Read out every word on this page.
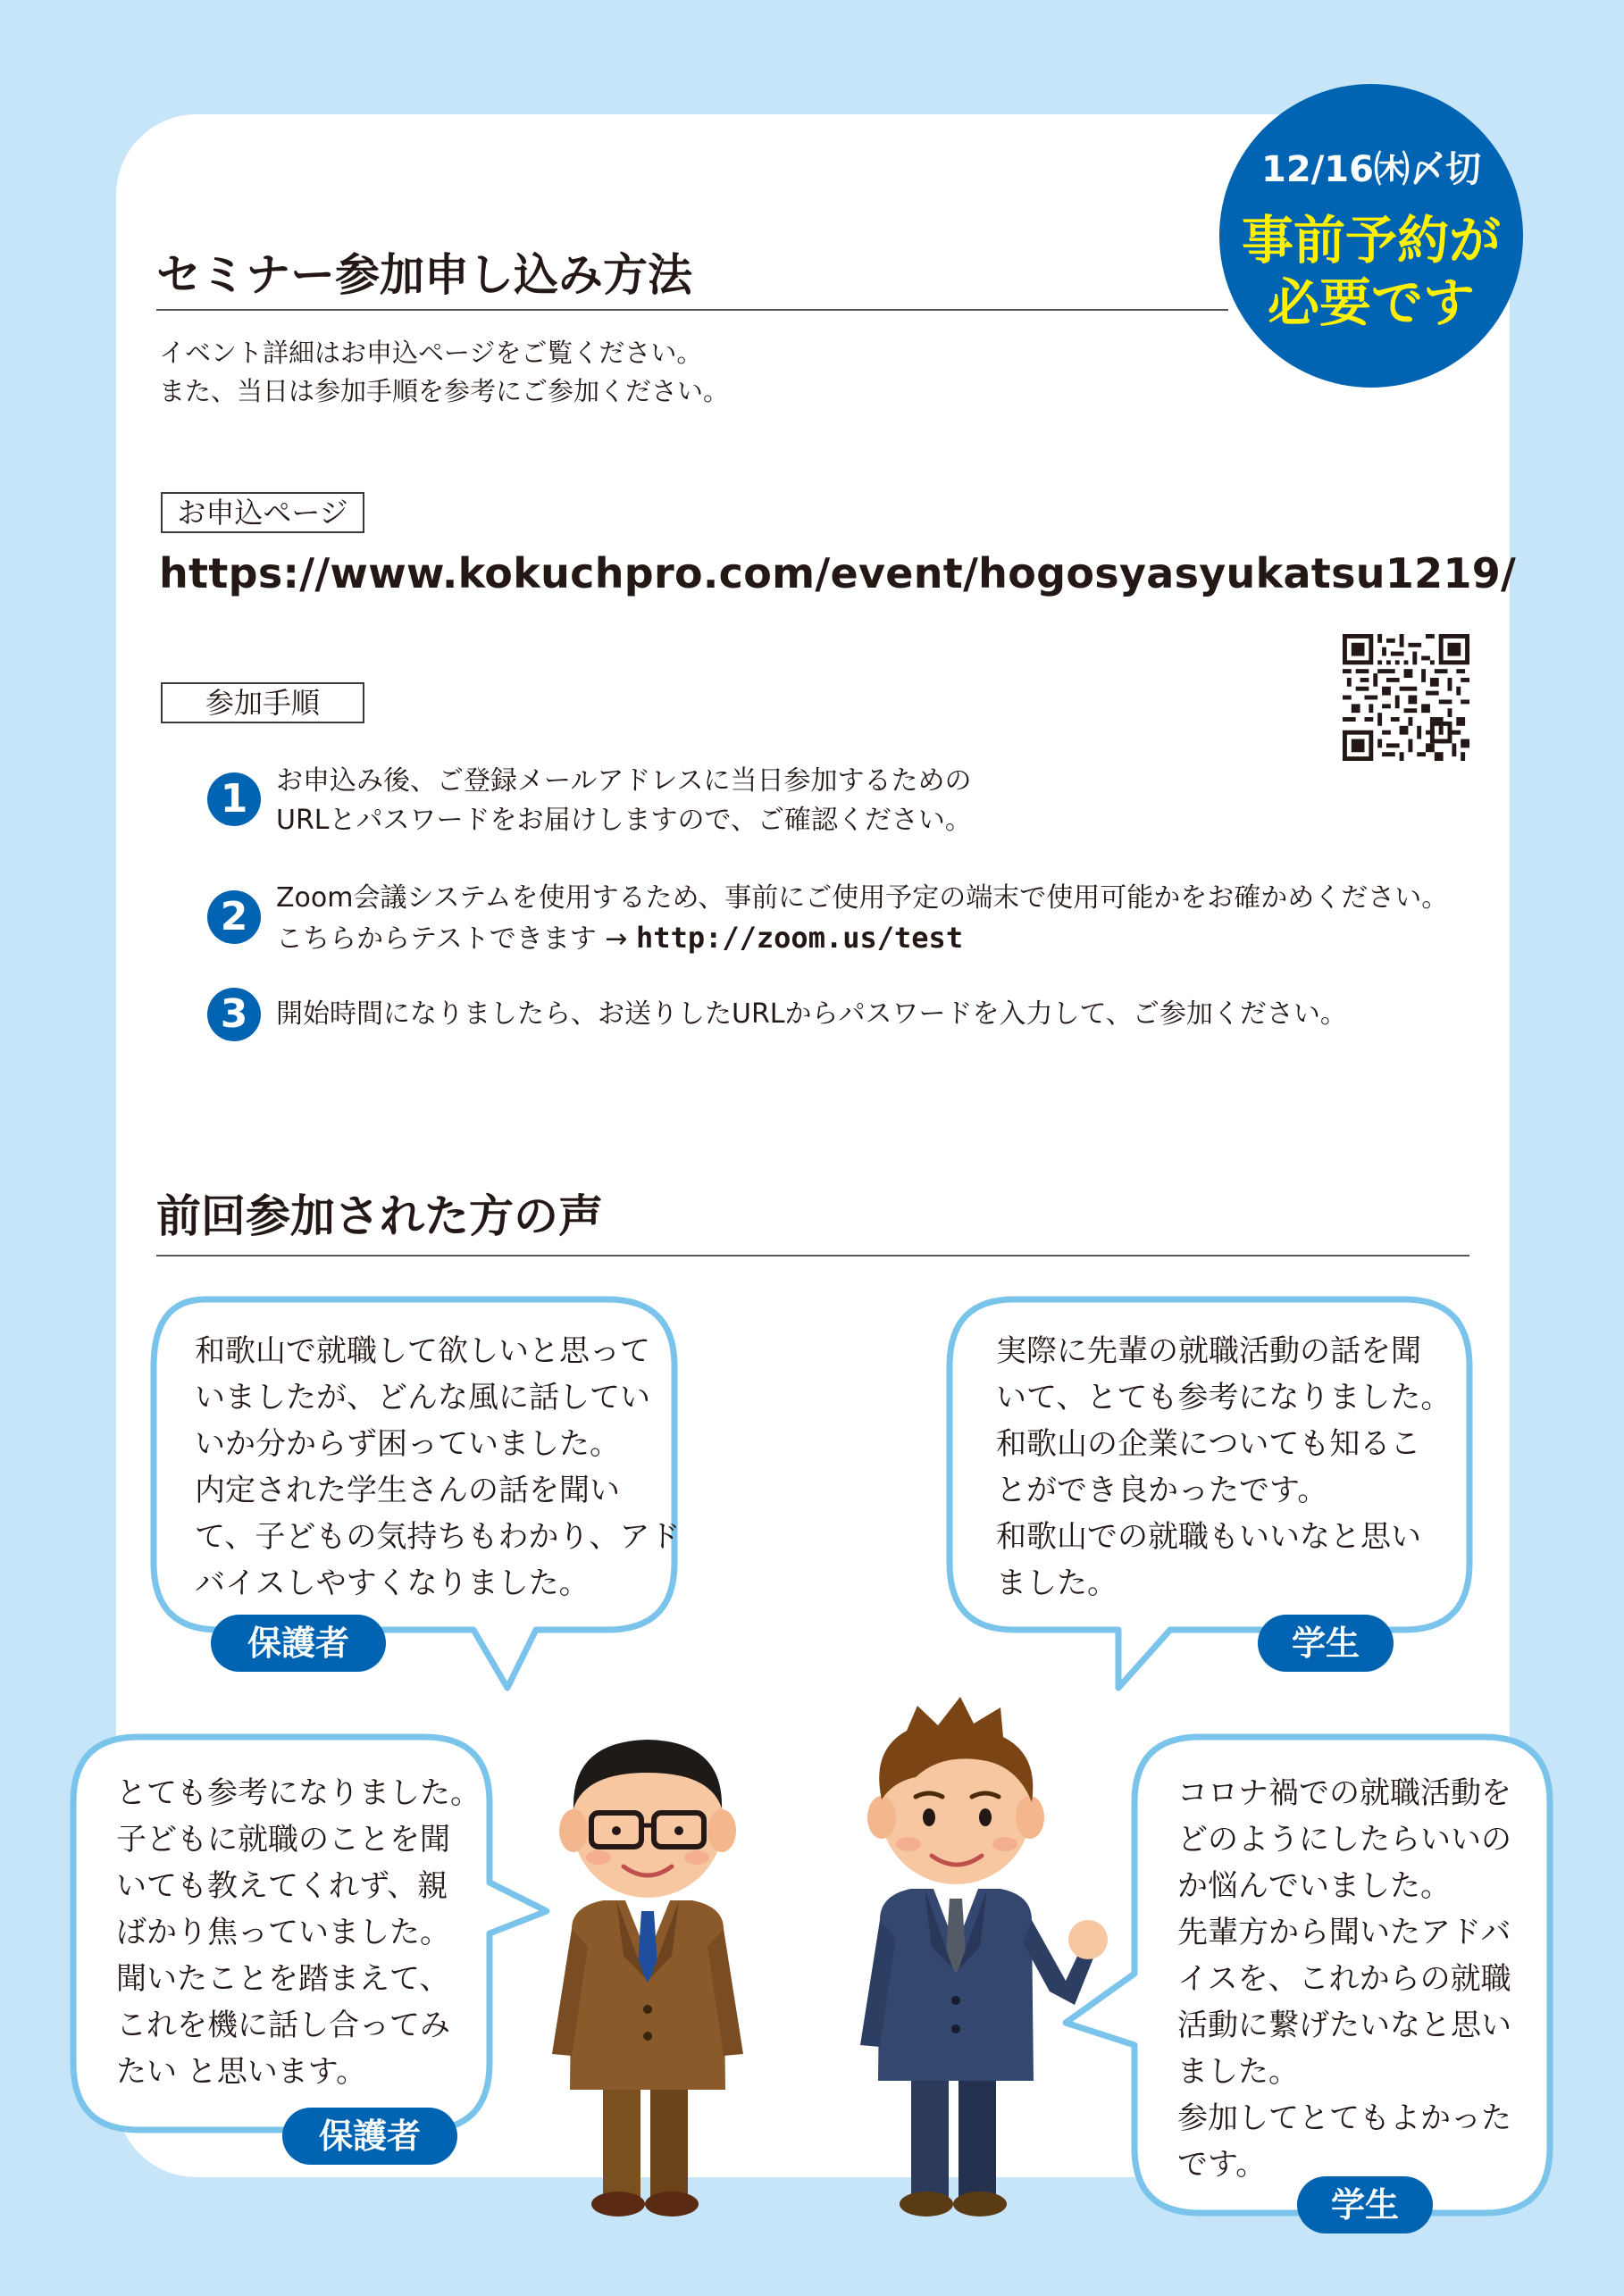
12/16㈭〆切
事前予約が
必要です
セミナー参加申し込み方法
イベント詳細はお申込ページをご覧ください。
また、当日は参加手順を参考にご参加ください。
お申込ページ
https://www.kokuchpro.com/event/hogosyasyukatsu1219/
参加手順
1	お申込み後、ご登録メールアドレスに当日参加するための
URLとパスワードをお届けしますので、ご確認ください。
2	Zoom会議システムを使用するため、事前にご使用予定の端末で使用可能かをお確かめください。
こちらからテストできます → http://zoom.us/test
3	開始時間になりましたら、お送りしたURLからパスワードを入力して、ご参加ください。
前回参加された方の声
和歌山で就職して欲しいと思って
いましたが、どんな風に話してい
いか分からず困っていました。
内定された学生さんの話を聞い
て、子どもの気持ちもわかり、アド
バイスしやすくなりました。
保護者
実際に先輩の就職活動の話を聞
いて、とても参考になりました。
和歌山の企業についても知るこ
とができ良かったです。
和歌山での就職もいいなと思い
ました。
学生
とても参考になりました。
子どもに就職のことを聞
いても教えてくれず、親
ばかり焦っていました。
聞いたことを踏まえて、
これを機に話し合ってみ
たい と思います。
保護者
コロナ禍での就職活動を
どのようにしたらいいの
か悩んでいました。
先輩方から聞いたアドバ
イスを、これからの就職
活動に繋げたいなと思い
ました。
参加してとてもよかった
です。
学生
